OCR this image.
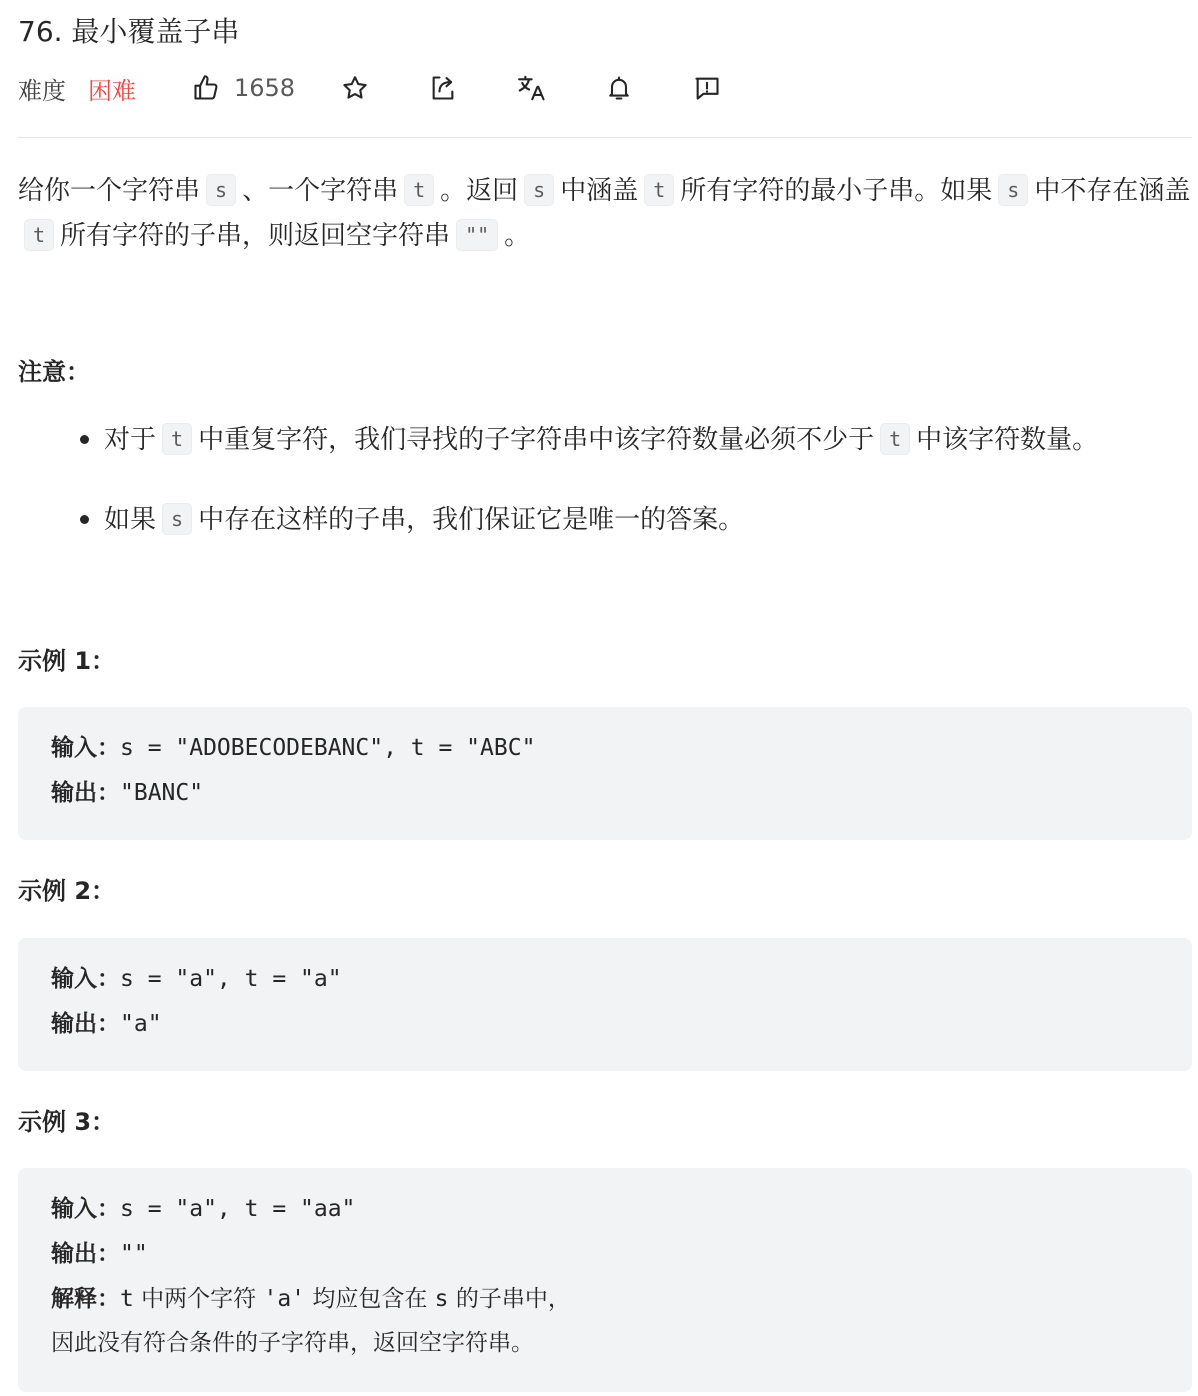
76. 最小覆盖子串
难度 困难	1658
给你一个字符串 s 、一个字符串 t 。返回 s 中涵盖 t 所有字符的最小子串。如果 s 中不存在涵盖t 所有字符的子串，则返回空字符串 "" 。
注意：
对于 t 中重复字符，我们寻找的子字符串中该字符数量必须不少于 t 中该字符数量。
如果 s 中存在这样的子串，我们保证它是唯一的答案。
示例 1：
输入：s = "ADOBECODEBANC", t = "ABC"
输出："BANC"
示例 2：
输入：s = "a", t = "a"
输出："a"
示例 3：
输入：s = "a", t = "aa"
输出：""
解释：t 中两个字符 'a' 均应包含在 s 的子串中，
因此没有符合条件的子字符串，返回空字符串。
